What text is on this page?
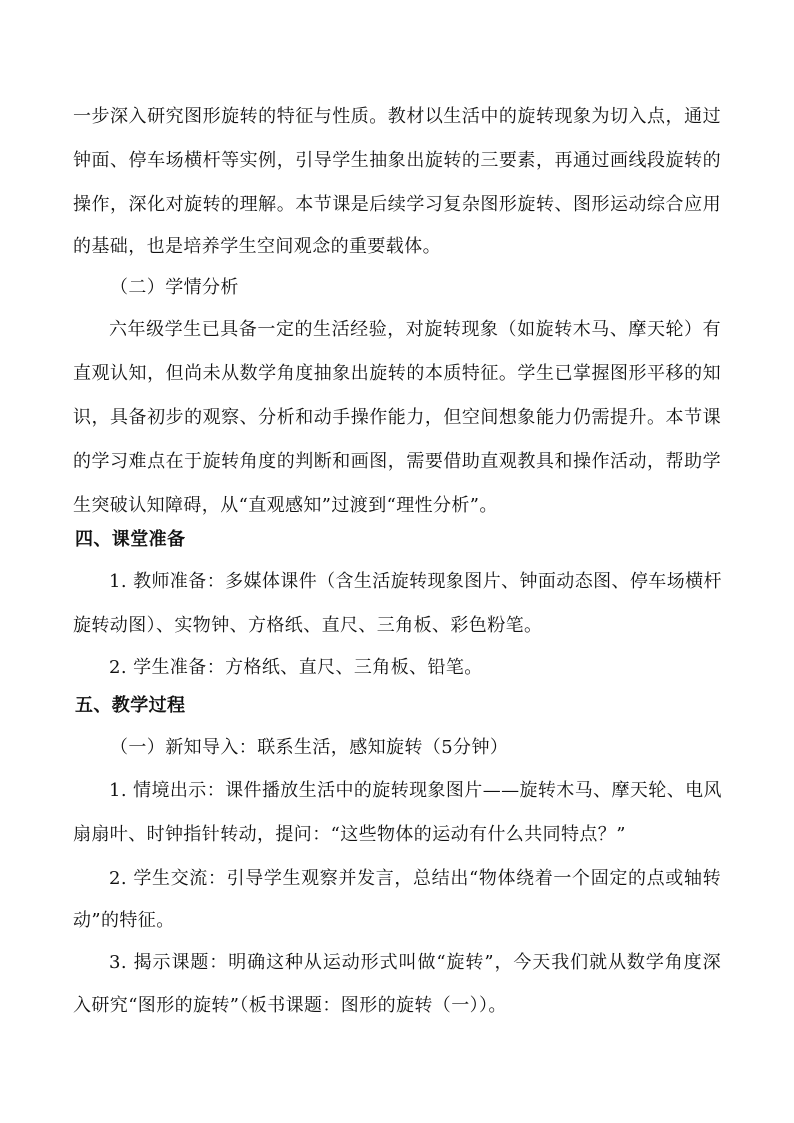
一步深入研究图形旋转的特征与性质。教材以生活中的旋转现象为切入点，通过
钟面、停车场横杆等实例，引导学生抽象出旋转的三要素，再通过画线段旋转的
操作，深化对旋转的理解。本节课是后续学习复杂图形旋转、图形运动综合应用
的基础，也是培养学生空间观念的重要载体。
（二）学情分析
六年级学生已具备一定的生活经验，对旋转现象（如旋转木马、摩天轮）有
直观认知，但尚未从数学角度抽象出旋转的本质特征。学生已掌握图形平移的知
识，具备初步的观察、分析和动手操作能力，但空间想象能力仍需提升。本节课
的学习难点在于旋转角度的判断和画图，需要借助直观教具和操作活动，帮助学
生突破认知障碍，从“直观感知”过渡到“理性分析”。
四、课堂准备
1. 教师准备：多媒体课件（含生活旋转现象图片、钟面动态图、停车场横杆
旋转动图）、实物钟、方格纸、直尺、三角板、彩色粉笔。
2. 学生准备：方格纸、直尺、三角板、铅笔。
五、教学过程
（一）新知导入：联系生活，感知旋转（5分钟）
1. 情境出示：课件播放生活中的旋转现象图片——旋转木马、摩天轮、电风
扇扇叶、时钟指针转动，提问：“这些物体的运动有什么共同特点？”
2. 学生交流：引导学生观察并发言，总结出“物体绕着一个固定的点或轴转
动”的特征。
3. 揭示课题：明确这种从运动形式叫做“旋转”，今天我们就从数学角度深
入研究“图形的旋转”（板书课题：图形的旋转（一））。
